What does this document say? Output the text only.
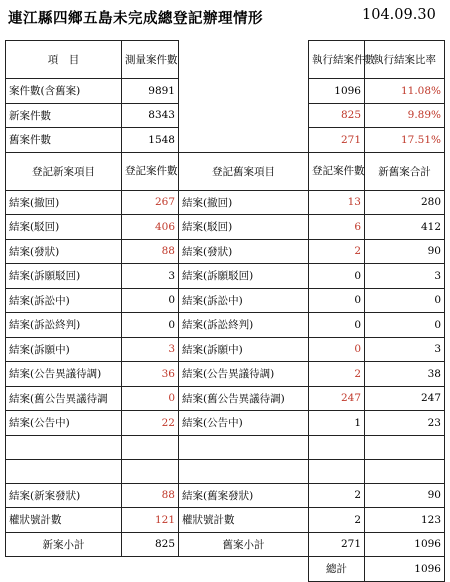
連江縣四鄉五島未完成總登記辦理情形	104.09.30
項　目	測量案件數		執行結案件數	執行結案比率
案件數(含舊案)	9891		1096	11.08%
新案件數	8343		825	9.89%
舊案件數	1548		271	17.51%
登記新案項目	登記案件數	登記舊案項目	登記案件數	新舊案合計
結案(撤回)	267	結案(撤回)	13	280
結案(駁回)	406	結案(駁回)	6	412
結案(發狀)	88	結案(發狀)	2	90
結案(訴願駁回)	3	結案(訴願駁回)	0	3
結案(訴訟中)	0	結案(訴訟中)	0	0
結案(訴訟終判)	0	結案(訴訟終判)	0	0
結案(訴願中)	3	結案(訴願中)	0	3
結案(公告異議待調)	36	結案(公告異議待調)	2	38
結案(舊公告異議待調	0	結案(舊公告異議待調)	247	247
結案(公告中)	22	結案(公告中)	1	23

結案(新案發狀)	88	結案(舊案發狀)	2	90
權狀號計數	121	權狀號計數	2	123
新案小計	825	舊案小計	271	1096
			總計	1096
